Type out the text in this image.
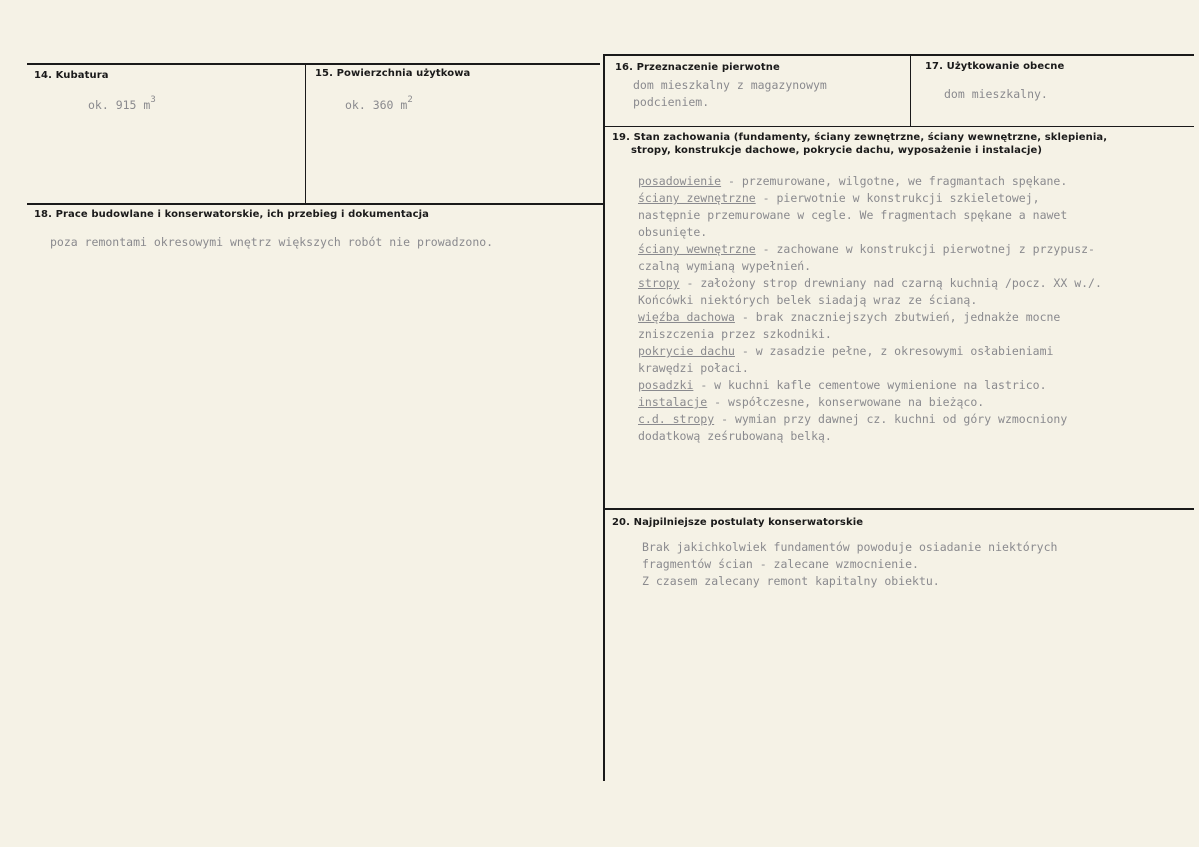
14. Kubatura
ok. 915 $m^3$
15. Powierzchnia użytkowa
ok. 360 $m^2$
16. Przeznaczenie pierwotne
dom mieszkalny z magazynowym
podcieniem.
17. Użytkowanie obecne
dom mieszkalny.
18. Prace budowlane i konserwatorskie, ich przebieg i dokumentacja
poza remontami okresowymi wnętrz większych robót nie prowadzono.
19. Stan zachowania (fundamenty, ściany zewnętrzne, ściany wewnętrzne, sklepienia,
stropy, konstrukcje dachowe, pokrycie dachu, wyposażenie i instalacje)
posadowienie - przemurowane, wilgotne, we fragmantach spękane.
ściany zewnętrzne - pierwotnie w konstrukcji szkieletowej,
następnie przemurowane w cegle. We fragmentach spękane a nawet
obsunięte.
ściany wewnętrzne - zachowane w konstrukcji pierwotnej z przypusz-
czalną wymianą wypełnień.
stropy - założony strop drewniany nad czarną kuchnią /pocz. XX w./.
Końcówki niektórych belek siadają wraz ze ścianą.
więźba dachowa - brak znaczniejszych zbutwień, jednakże mocne
zniszczenia przez szkodniki.
pokrycie dachu - w zasadzie pełne, z okresowymi osłabieniami
krawędzi połaci.
posadzki - w kuchni kafle cementowe wymienione na lastrico.
instalacje - współczesne, konserwowane na bieżąco.
c.d. stropy - wymian przy dawnej cz. kuchni od góry wzmocniony
dodatkową ześrubowaną belką.
20. Najpilniejsze postulaty konserwatorskie
Brak jakichkolwiek fundamentów powoduje osiadanie niektórych
fragmentów ścian - zalecane wzmocnienie.
Z czasem zalecany remont kapitalny obiektu.
